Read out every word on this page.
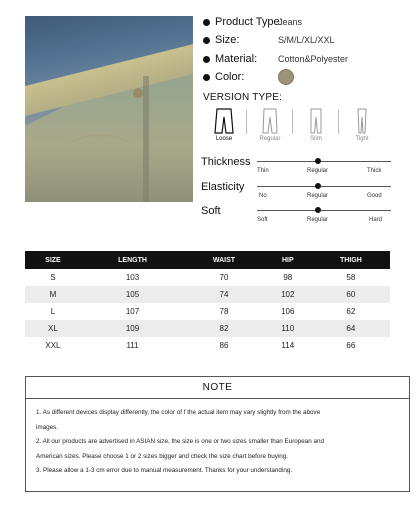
Product Type:
Jeans
Size:	S/M/L/XL/XXL
Material: Cotton&Polyester
Color:
VERSION TYPE:
Loose	Regular	Slim	Tight
Thickness
Thin	Regular	Thick
Elasticity
No	Regular	Good
Soft
Soft	Regular	Hard
SIZE	LENGTH	WAIST	HIP	THIGH
S	103	70	98	58
M	105	74	102	60
L	107	78	106	62
XL	109	82	110	64
XXL	111	86	114	66
NOTE
1. As different devices display differently, the color of f the actual item may vary slightly from the above
images.
2. All our products are advertised in ASIAN size, the size is one or two sizes smaller than European and
American sizes. Please choose 1 or 2 sizes bigger and check the size chart before buying.
3. Please allow a 1-3 cm error due to manual measurement. Thanks for your understanding.
